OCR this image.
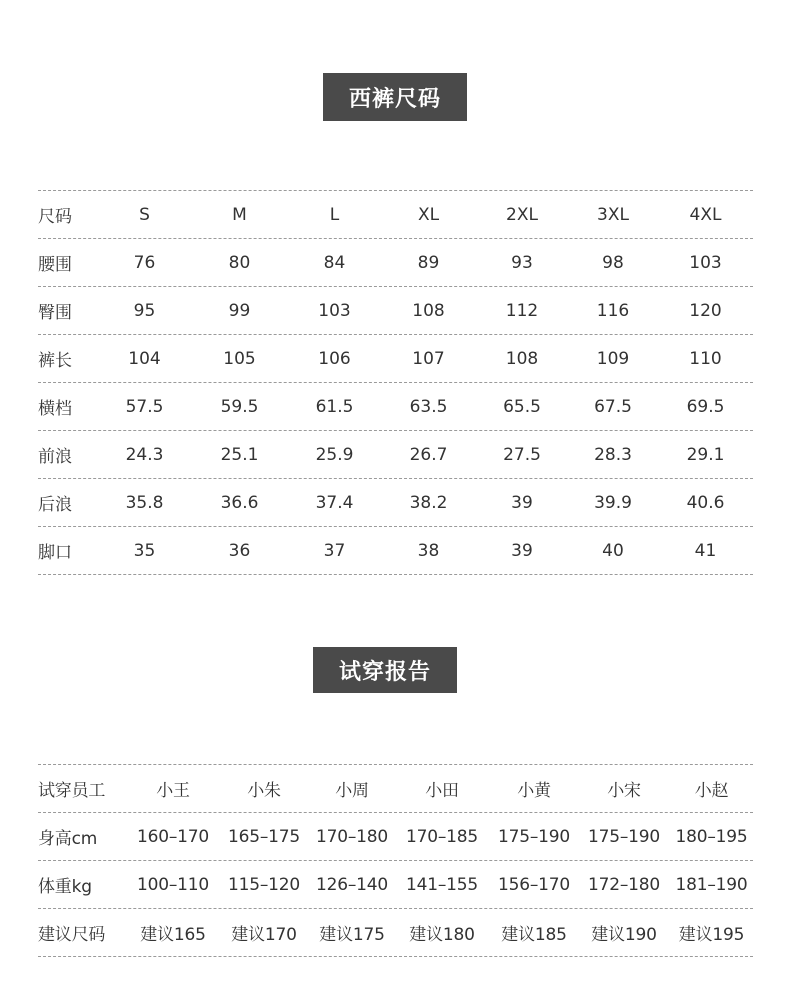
西裤尺码
尺码	S	M	L	XL	2XL	3XL	4XL
腰围	76	80	84	89	93	98	103
臀围	95	99	103	108	112	116	120
裤长	104	105	106	107	108	109	110
横档	57.5	59.5	61.5	63.5	65.5	67.5	69.5
前浪	24.3	25.1	25.9	26.7	27.5	28.3	29.1
后浪	35.8	36.6	37.4	38.2	39	39.9	40.6
脚口	35	36	37	38	39	40	41
试穿报告
试穿员工	小王	小朱	小周	小田	小黄	小宋	小赵
身高cm	160–170	165–175 170–180	170–185	175–190	175–190 180–195
体重kg	100–110	115–120 126–140	141–155	156–170	172–180 181–190
建议尺码	建议165	建议170	建议175	建议180	建议185	建议190	建议195
